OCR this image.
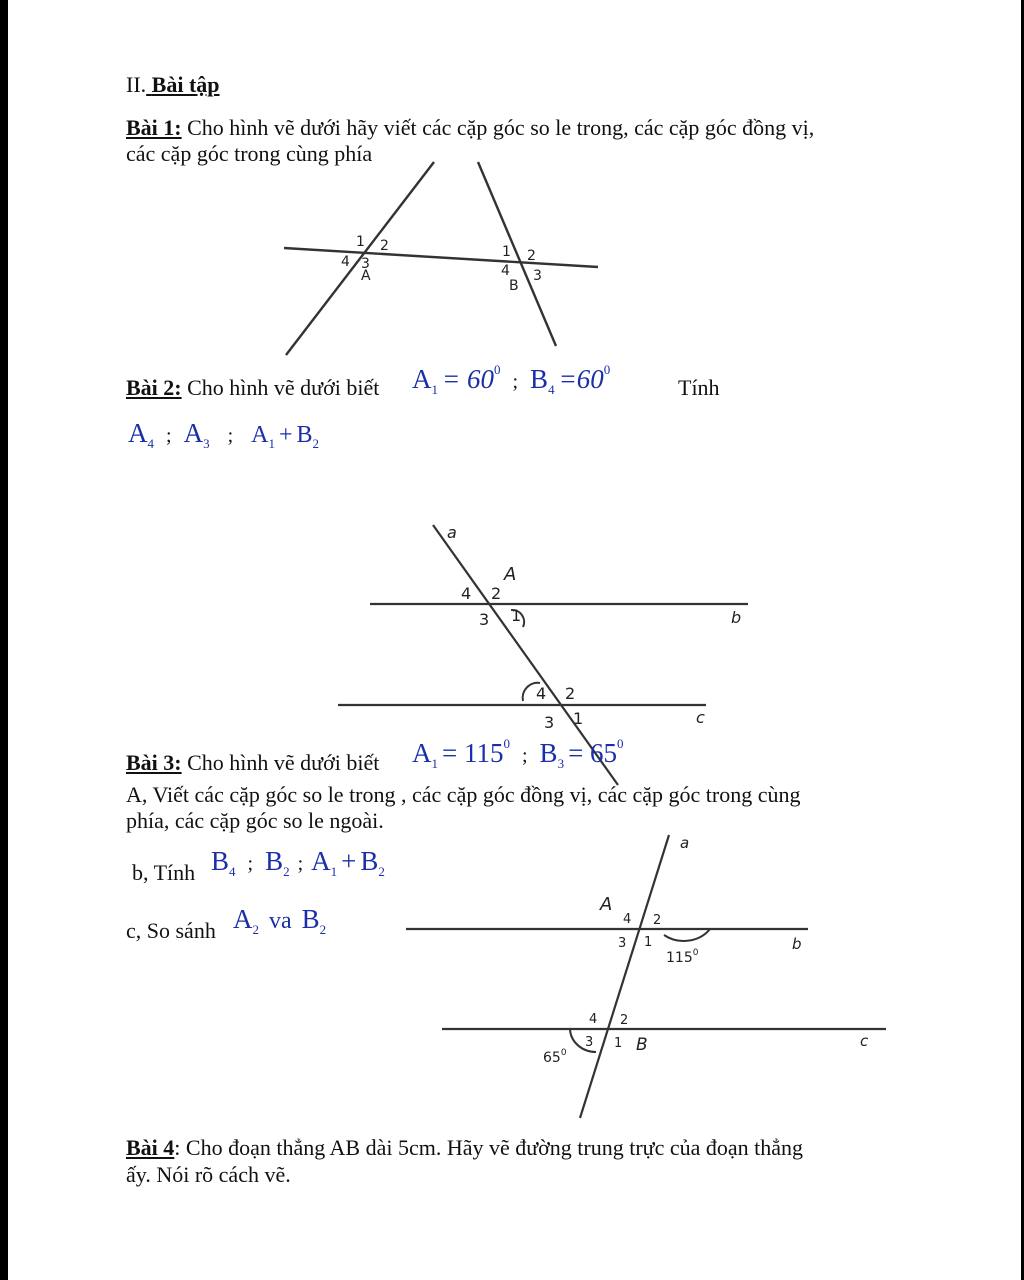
II. Bài tập
Bài 1: Cho hình vẽ dưới hãy viết các cặp góc so le trong, các cặp góc đồng vị,
các cặp góc trong cùng phía
1 2
4 3
A
1 2
4 3
B
Bài 2: Cho hình vẽ dưới biết $A_1 = 60^0$ ; $B_4 =60^0$
Tính
$A_4$ ; $A_3$ ; $A_1 + B_2$
a
A
4 2
3 1	b
4 2
3 1	c
Bài 3: Cho hình vẽ dưới biết $A_1 = 115^0$ ; $B_3 = 65^0$
A, Viết các cặp góc so le trong , các cặp góc đồng vị, các cặp góc trong cùng
phía, các cặp góc so le ngoài.
b, Tính $B_4$ ; $B_2$ ; $A_1 + B_2$
c, So sánh $A_2$ va $B_2$
a
A
4 2
3 1
$115^0$	b
4 2
3 1 B
$65^0$
c
Bài 4: Cho đoạn thẳng AB dài 5cm. Hãy vẽ đường trung trực của đoạn thẳng
ấy. Nói rõ cách vẽ.
